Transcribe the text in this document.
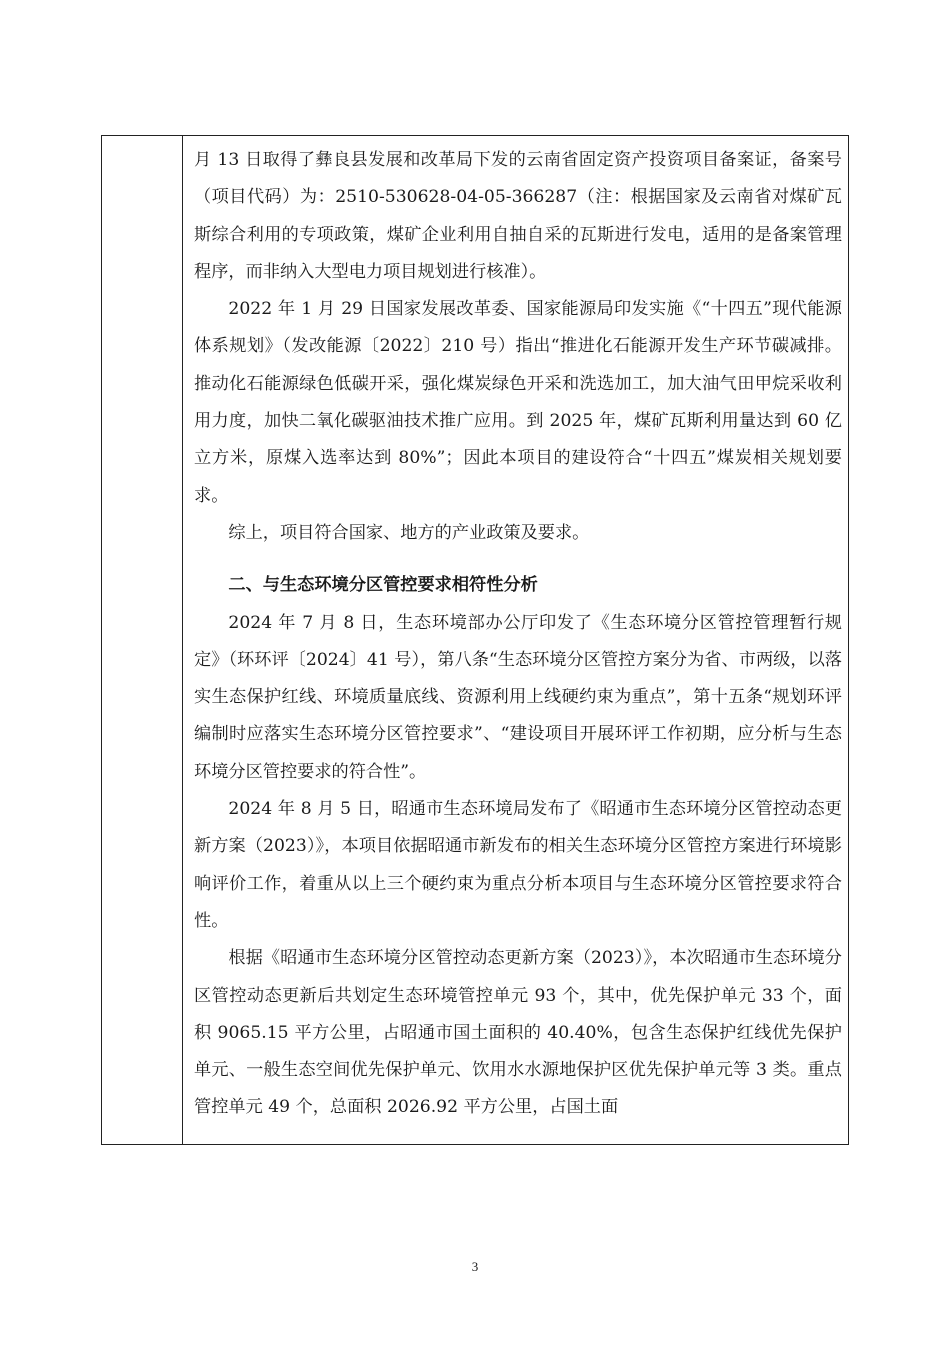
月 13 日取得了彝良县发展和改革局下发的云南省固定资产投资项目备案证，备案号（项目代码）为：2510-530628-04-05-366287（注：根据国家及云南省对煤矿瓦斯综合利用的专项政策，煤矿企业利用自抽自采的瓦斯进行发电，适用的是备案管理程序，而非纳入大型电力项目规划进行核准）。

2022 年 1 月 29 日国家发展改革委、国家能源局印发实施《“十四五”现代能源体系规划》（发改能源〔2022〕210 号）指出“推进化石能源开发生产环节碳减排。推动化石能源绿色低碳开采，强化煤炭绿色开采和洗选加工，加大油气田甲烷采收利用力度，加快二氧化碳驱油技术推广应用。到 2025 年，煤矿瓦斯利用量达到 60 亿立方米，原煤入选率达到 80%”；因此本项目的建设符合“十四五”煤炭相关规划要求。

综上，项目符合国家、地方的产业政策及要求。

二、与生态环境分区管控要求相符性分析

2024 年 7 月 8 日，生态环境部办公厅印发了《生态环境分区管控管理暂行规定》（环环评〔2024〕41 号），第八条“生态环境分区管控方案分为省、市两级，以落实生态保护红线、环境质量底线、资源利用上线硬约束为重点”，第十五条“规划环评编制时应落实生态环境分区管控要求”、“建设项目开展环评工作初期，应分析与生态环境分区管控要求的符合性”。

2024 年 8 月 5 日，昭通市生态环境局发布了《昭通市生态环境分区管控动态更新方案（2023）》，本项目依据昭通市新发布的相关生态环境分区管控方案进行环境影响评价工作，着重从以上三个硬约束为重点分析本项目与生态环境分区管控要求符合性。

根据《昭通市生态环境分区管控动态更新方案（2023）》，本次昭通市生态环境分区管控动态更新后共划定生态环境管控单元 93 个，其中，优先保护单元 33 个，面积 9065.15 平方公里，占昭通市国土面积的 40.40%，包含生态保护红线优先保护单元、一般生态空间优先保护单元、饮用水水源地保护区优先保护单元等 3 类。重点管控单元 49 个，总面积 2026.92 平方公里，占国土面

3
